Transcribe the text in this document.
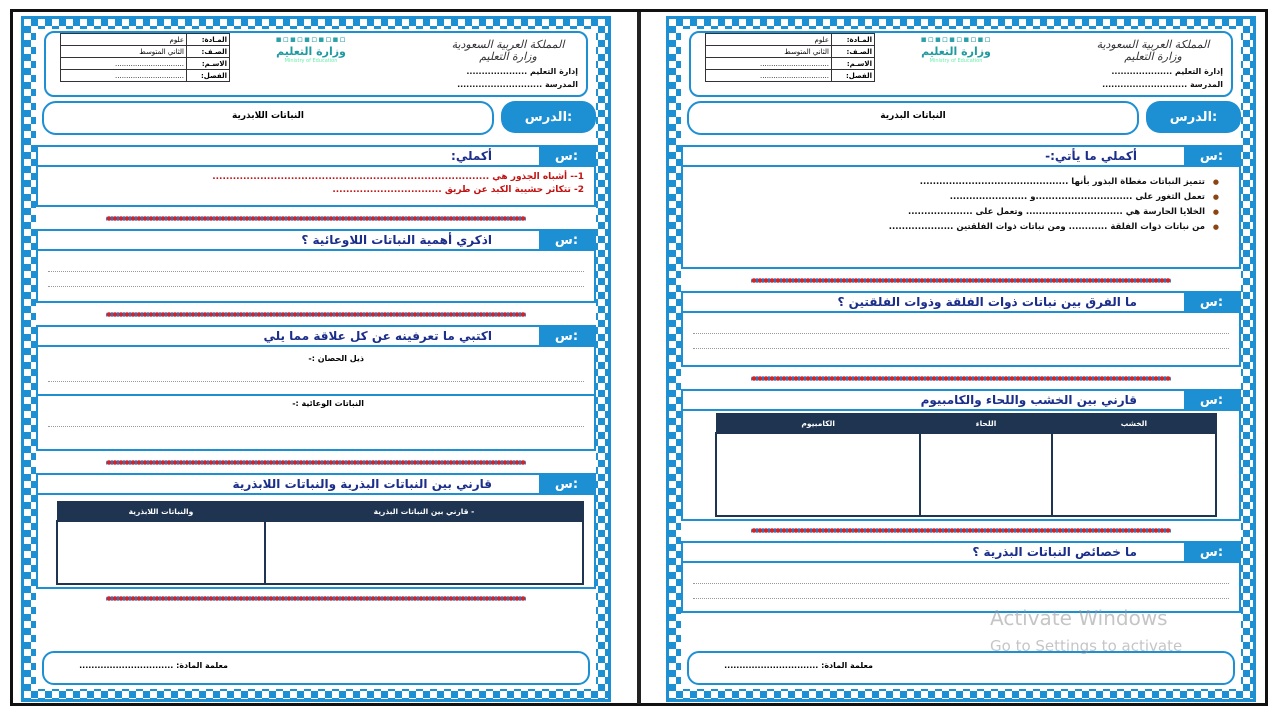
المملكة العربية السعودية
وزارة التعليم
إدارة التعليم ....................
المدرسة ............................
▪▫▪▫▪▫▪▫▪▫
وزارة التعليم
Ministry of Education
المـادة:	علوم
الصـف:	الثاني المتوسط
الاسـم:	...............................
الفصل:	...............................
الدرس:
النباتات اللابذرية
س:
أكملي:
1-- أشباه الجذور هي .................................................................................
2- تتكاثر حشيبة الكبد عن طريق ................................
س:
اذكري أهمية النباتات اللاوعائية ؟
س:
اكتبي ما تعرفينه عن كل علاقة مما يلي
ذيل الحصان :-
النباتات الوعائية :-
س:
قارني بين النباتات البذرية والنباتات اللابذرية
- قارني بين النباتات البذرية	والنباتات اللابذرية

معلمة المادة: ...............................
المملكة العربية السعودية
وزارة التعليم
إدارة التعليم ....................
المدرسة ............................
▪▫▪▫▪▫▪▫▪▫
وزارة التعليم
Ministry of Education
المـادة:	علوم
الصـف:	الثاني المتوسط
الاسـم:	...............................
الفصل:	...............................
الدرس:
النباتات البذرية
س:
أكملي ما يأتي:-
● تتميز النباتات مغطاة البذور بأنها ..............................................
● تعمل الثغور على ..............................و ........................
● الخلايا الحارسة هي .............................. وتعمل على ....................
● من نباتات ذوات الفلقة ............ ومن نباتات ذوات الفلقتين ....................
س:
ما الفرق بين نباتات ذوات الفلقة وذوات الفلقتين ؟
س:
قارني بين الخشب واللحاء والكامبيوم
الخشب	اللحاء	الكامبيوم

س:
ما خصائص النباتات البذرية ؟
معلمة المادة: ...............................
Activate Windows
Go to Settings to activate
